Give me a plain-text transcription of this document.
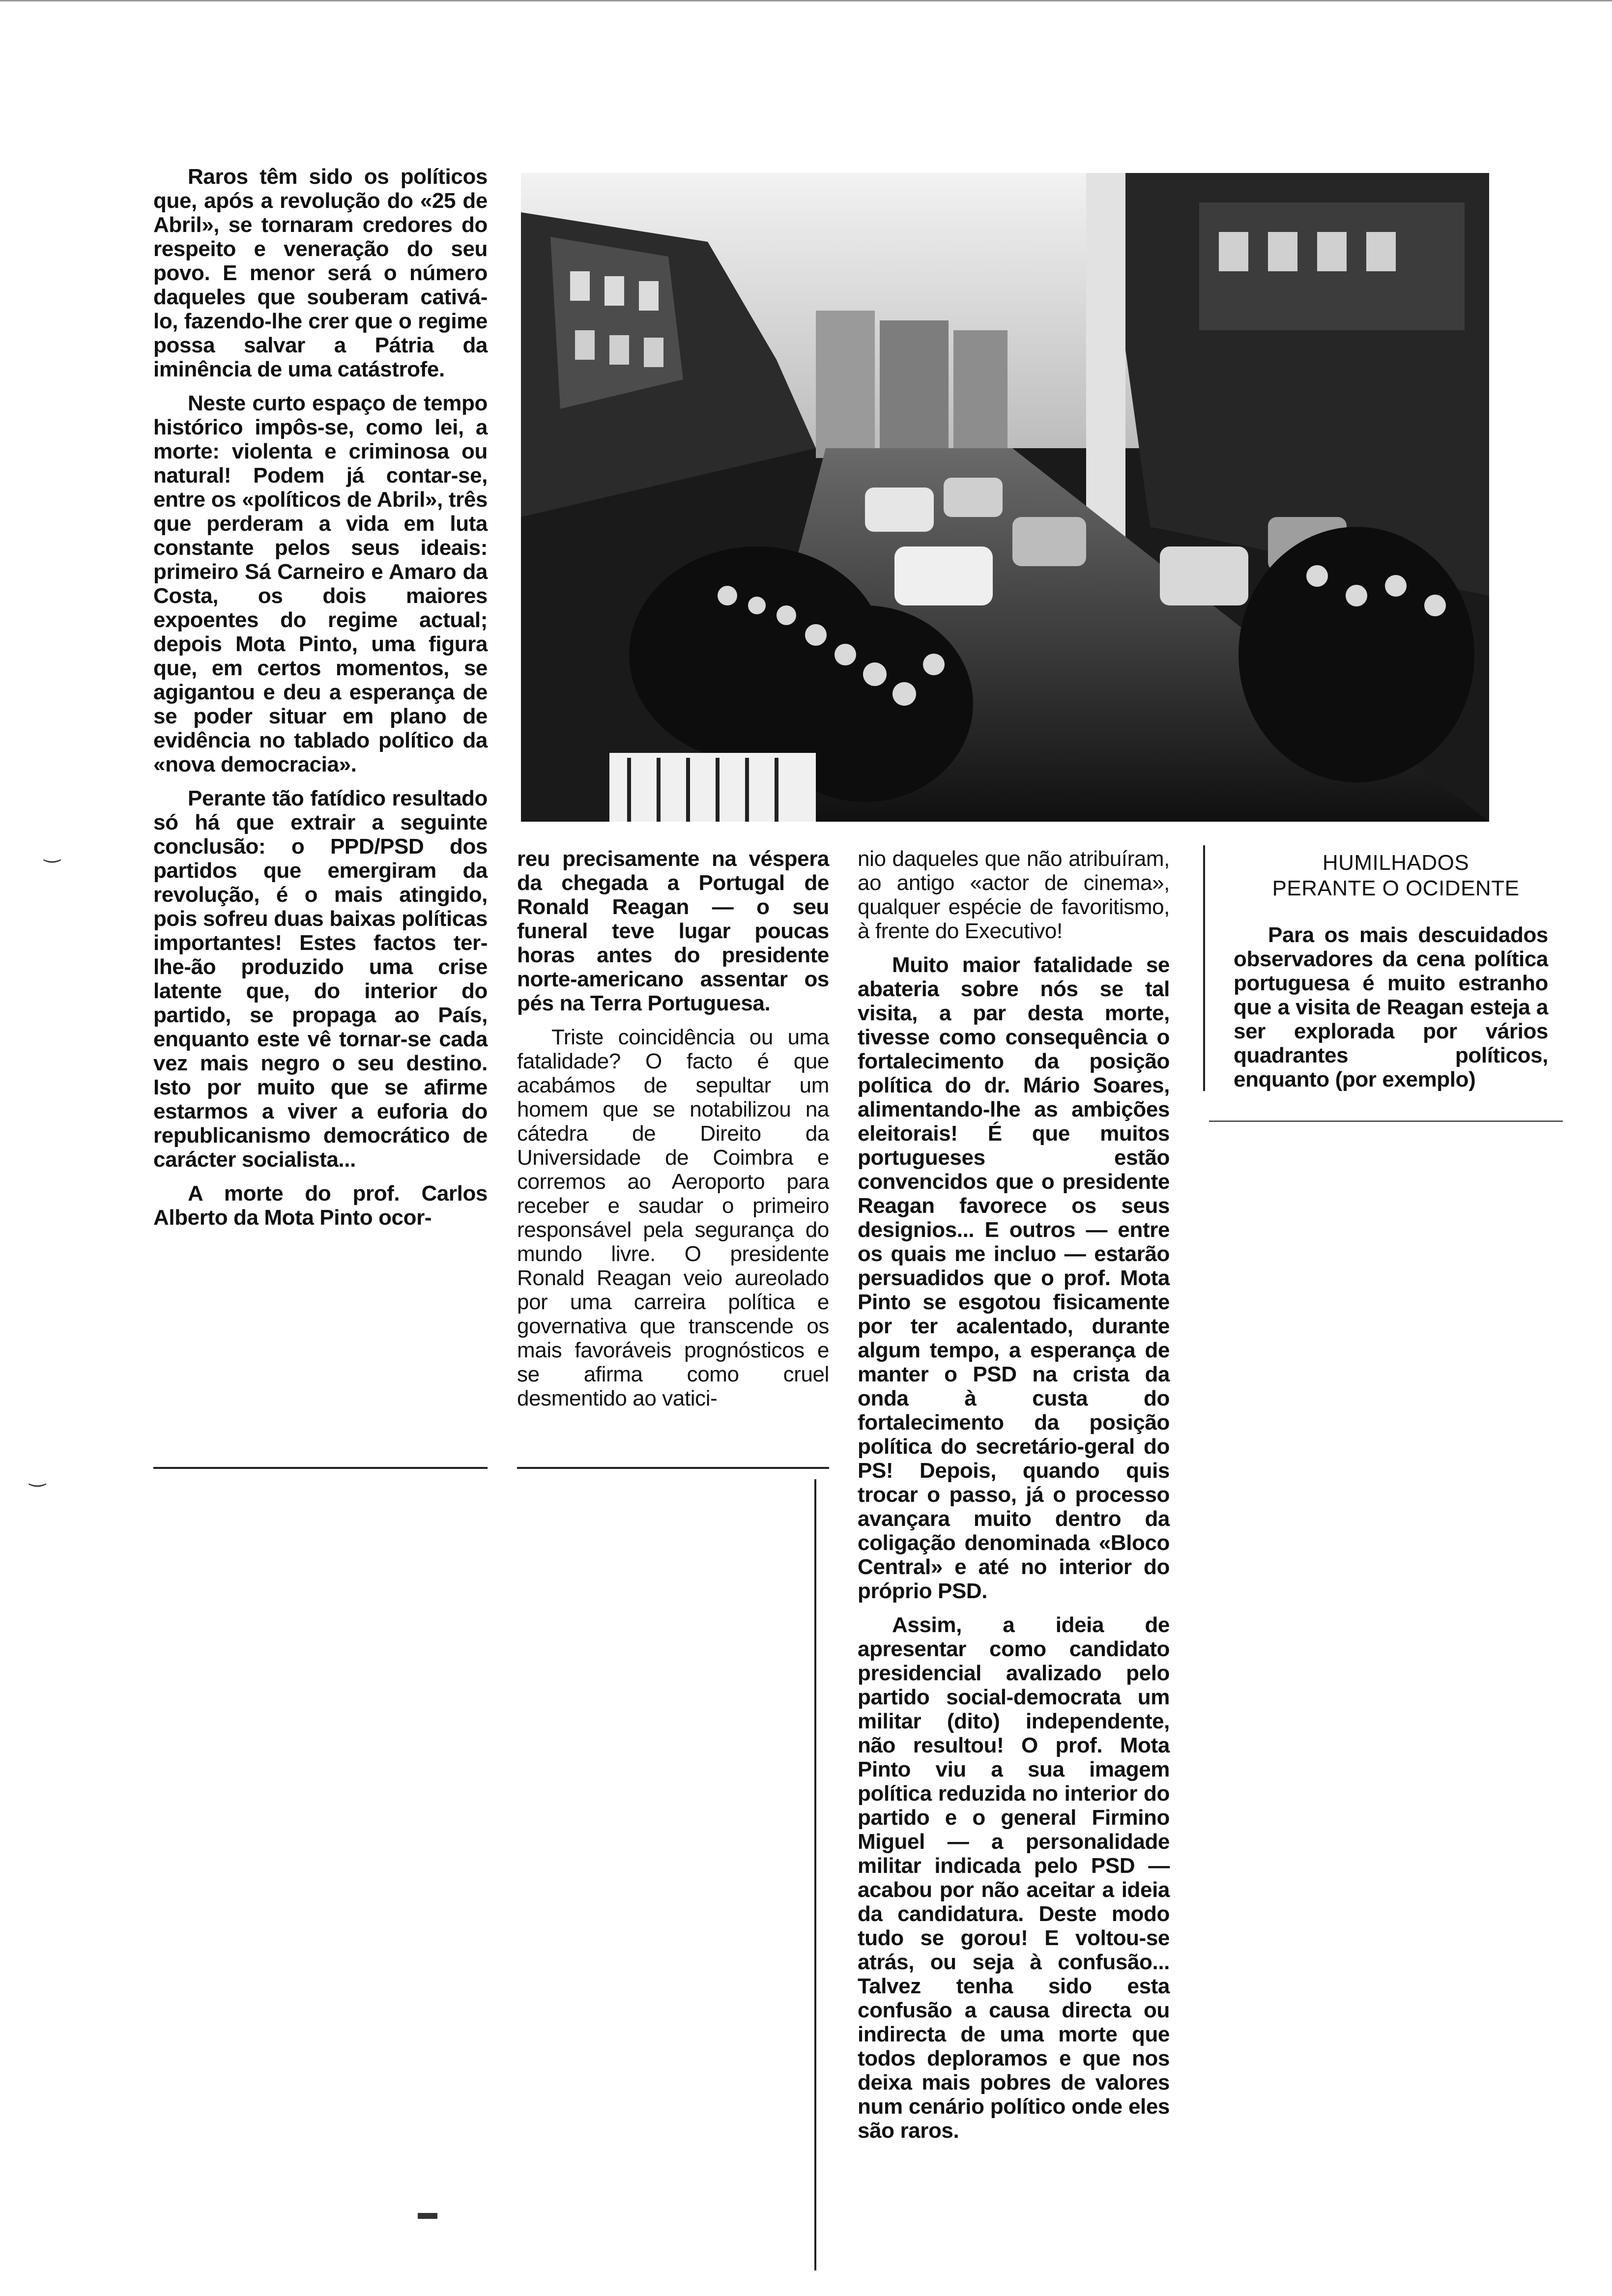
Raros têm sido os políticos que, após a revolução do «25 de Abril», se tornaram credores do respeito e veneração do seu povo. E menor será o número daqueles que souberam cativá-lo, fazendo-lhe crer que o regime possa salvar a Pátria da iminência de uma catástrofe.

Neste curto espaço de tempo histórico impôs-se, como lei, a morte: violenta e criminosa ou natural! Podem já contar-se, entre os «políticos de Abril», três que perderam a vida em luta constante pelos seus ideais: primeiro Sá Carneiro e Amaro da Costa, os dois maiores expoentes do regime actual; depois Mota Pinto, uma figura que, em certos momentos, se agigantou e deu a esperança de se poder situar em plano de evidência no tablado político da «nova democracia».

Perante tão fatídico resultado só há que extrair a seguinte conclusão: o PPD/PSD dos partidos que emergiram da revolução, é o mais atingido, pois sofreu duas baixas políticas importantes! Estes factos ter-lhe-ão produzido uma crise latente que, do interior do partido, se propaga ao País, enquanto este vê tornar-se cada vez mais negro o seu destino. Isto por muito que se afirme estarmos a viver a euforia do republicanismo democrático de carácter socialista...

A morte do prof. Carlos Alberto da Mota Pinto ocor-

reu precisamente na véspera da chegada a Portugal de Ronald Reagan — o seu funeral teve lugar poucas horas antes do presidente norte-americano assentar os pés na Terra Portuguesa.

Triste coincidência ou uma fatalidade? O facto é que acabámos de sepultar um homem que se notabilizou na cátedra de Direito da Universidade de Coimbra e corremos ao Aeroporto para receber e saudar o primeiro responsável pela segurança do mundo livre. O presidente Ronald Reagan veio aureolado por uma carreira política e governativa que transcende os mais favoráveis prognósticos e se afirma como cruel desmentido ao vatici-

nio daqueles que não atribuíram, ao antigo «actor de cinema», qualquer espécie de favoritismo, à frente do Executivo!

Muito maior fatalidade se abateria sobre nós se tal visita, a par desta morte, tivesse como consequência o fortalecimento da posição política do dr. Mário Soares, alimentando-lhe as ambições eleitorais! É que muitos portugueses estão convencidos que o presidente Reagan favorece os seus designios... E outros — entre os quais me incluo — estarão persuadidos que o prof. Mota Pinto se esgotou fisicamente por ter acalentado, durante algum tempo, a esperança de manter o PSD na crista da onda à custa do fortalecimento da posição política do secretário-geral do PS! Depois, quando quis trocar o passo, já o processo avançara muito dentro da coligação denominada «Bloco Central» e até no interior do próprio PSD.

Assim, a ideia de apresentar como candidato presidencial avalizado pelo partido social-democrata um militar (dito) independente, não resultou! O prof. Mota Pinto viu a sua imagem política reduzida no interior do partido e o general Firmino Miguel — a personalidade militar indicada pelo PSD — acabou por não aceitar a ideia da candidatura. Deste modo tudo se gorou! E voltou-se atrás, ou seja à confusão... Talvez tenha sido esta confusão a causa directa ou indirecta de uma morte que todos deploramos e que nos deixa mais pobres de valores num cenário político onde eles são raros.

HUMILHADOS
PERANTE O OCIDENTE

Para os mais descuidados observadores da cena política portuguesa é muito estranho que a visita de Reagan esteja a ser explorada por vários quadrantes políticos, enquanto (por exemplo)

‿
‿
▬
